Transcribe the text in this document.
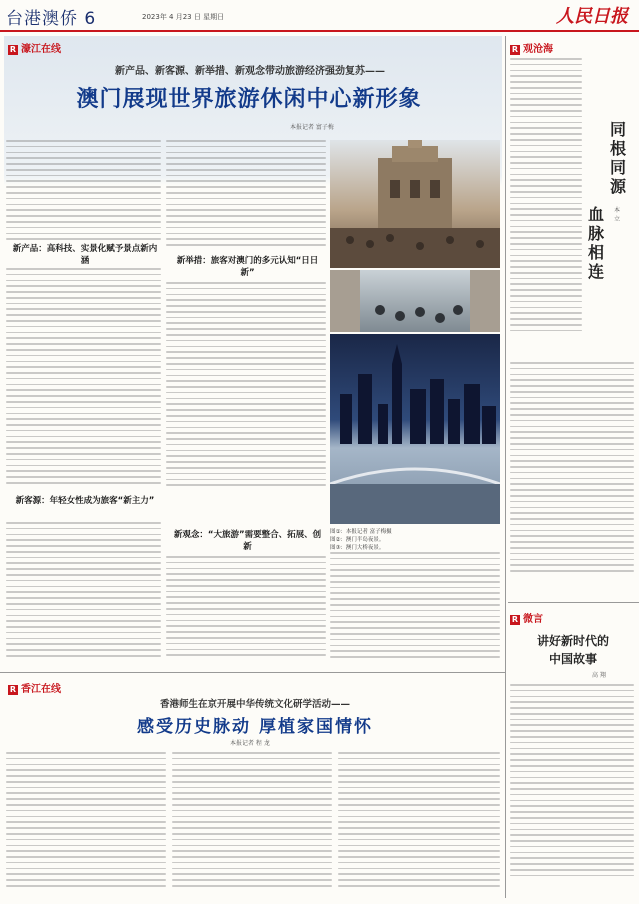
台港澳侨 6	2023年 4 月23 日 星期日	人民日报
R 濠江在线
新产品、新客源、新举措、新观念带动旅游经济强劲复苏——
澳门展现世界旅游休闲中心新形象
本报记者 富子梅
新产品：高科技、实景化赋予景点新内涵
新客源：年轻女性成为旅客“新主力”
新举措：旅客对澳门的多元认知“日日新”
新观念：“大旅游”需要整合、拓展、创新
图①：本报记者 富子梅摄
图②：澳门半岛夜景。
图③：澳门大桥夜景。
R 香江在线
香港师生在京开展中华传统文化研学活动——
感受历史脉动 厚植家国情怀
本报记者 程 龙
R 观沧海
同根同源
血脉相连
本 立
R 微言
讲好新时代的
中国故事
高 翔
